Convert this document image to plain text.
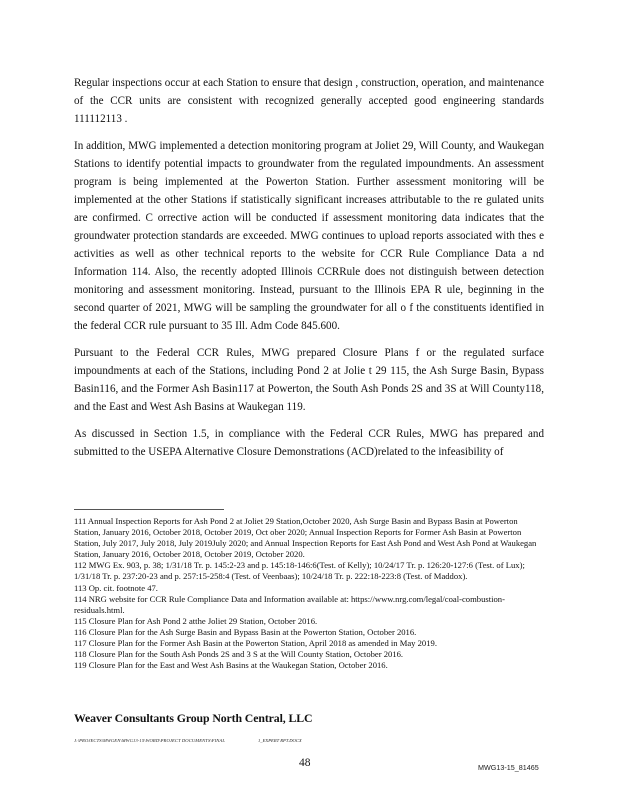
Regular inspections occur at each Station to ensure that design , construction, operation, and maintenance of the CCR units are consistent with recognized generally accepted good engineering standards 111112113 .

In addition, MWG implemented a detection monitoring program at Joliet 29, Will County, and Waukegan Stations to identify potential impacts to groundwater from the regulated impoundments. An assessment program is being implemented at the Powerton Station. Further assessment monitoring will be implemented at the other Stations if statistically significant increases attributable to the re gulated units are confirmed. C orrective action will be conducted if assessment monitoring data indicates that the groundwater protection standards are exceeded. MWG continues to upload reports associated with thes e activities as well as other technical reports to the website for CCR Rule Compliance Data a nd Information 114. Also, the recently adopted Illinois CCRRule does not distinguish between detection monitoring and assessment monitoring. Instead, pursuant to the Illinois EPA R ule, beginning in the second quarter of 2021, MWG will be sampling the groundwater for all o f the constituents identified in the federal CCR rule pursuant to 35 Ill. Adm Code 845.600.

Pursuant to the Federal CCR Rules, MWG prepared Closure Plans f or the regulated surface impoundments at each of the Stations, including Pond 2 at Jolie t 29 115, the Ash Surge Basin, Bypass Basin116, and the Former Ash Basin117 at Powerton, the South Ash Ponds 2S and 3S at Will County118, and the East and West Ash Basins at Waukegan 119.

As discussed in Section 1.5, in compliance with the Federal CCR Rules, MWG has prepared and submitted to the USEPA Alternative Closure Demonstrations (ACD)related to the infeasibility of

111 Annual Inspection Reports for Ash Pond 2 at Joliet 29 Station,October 2020, Ash Surge Basin and Bypass Basin at Powerton Station, January 2016, October 2018, October 2019, Oct ober 2020; Annual Inspection Reports for Former Ash Basin at Powerton Station, July 2017, July 2018, July 2019July 2020; and Annual Inspection Reports for East Ash Pond and West Ash Pond at Waukegan Station, January 2016, October 2018, October 2019, October 2020.

112 MWG Ex. 903, p. 38; 1/31/18 Tr. p. 145:2-23 and p. 145:18-146:6(Test. of Kelly); 10/24/17 Tr. p. 126:20-127:6 (Test. of Lux); 1/31/18 Tr. p. 237:20-23 and p. 257:15-258:4 (Test. of Veenbaas); 10/24/18 Tr. p. 222:18-223:8 (Test. of Maddox).

113 Op. cit. footnote 47.

114 NRG website for CCR Rule Compliance Data and Information available at: https://www.nrg.com/legal/coal-combustion-residuals.html.

115 Closure Plan for Ash Pond 2 atthe Joliet 29 Station, October 2016.

116 Closure Plan for the Ash Surge Basin and Bypass Basin at the Powerton Station, October 2016.

117 Closure Plan for the Former Ash Basin at the Powerton Station, April 2018 as amended in May 2019.

118 Closure Plan for the South Ash Ponds 2S and 3 S at the Will County Station, October 2016.

119 Closure Plan for the East and West Ash Basins at the Waukegan Station, October 2016.

Weaver Consultants Group North Central, LLC
J:\PROJECTS\MWGEN\MWG13-15\WORD\PROJECT DOCUMENTS\FINAL	1_EXPERT RPT.DOCX
48	MWG13-15_81465
